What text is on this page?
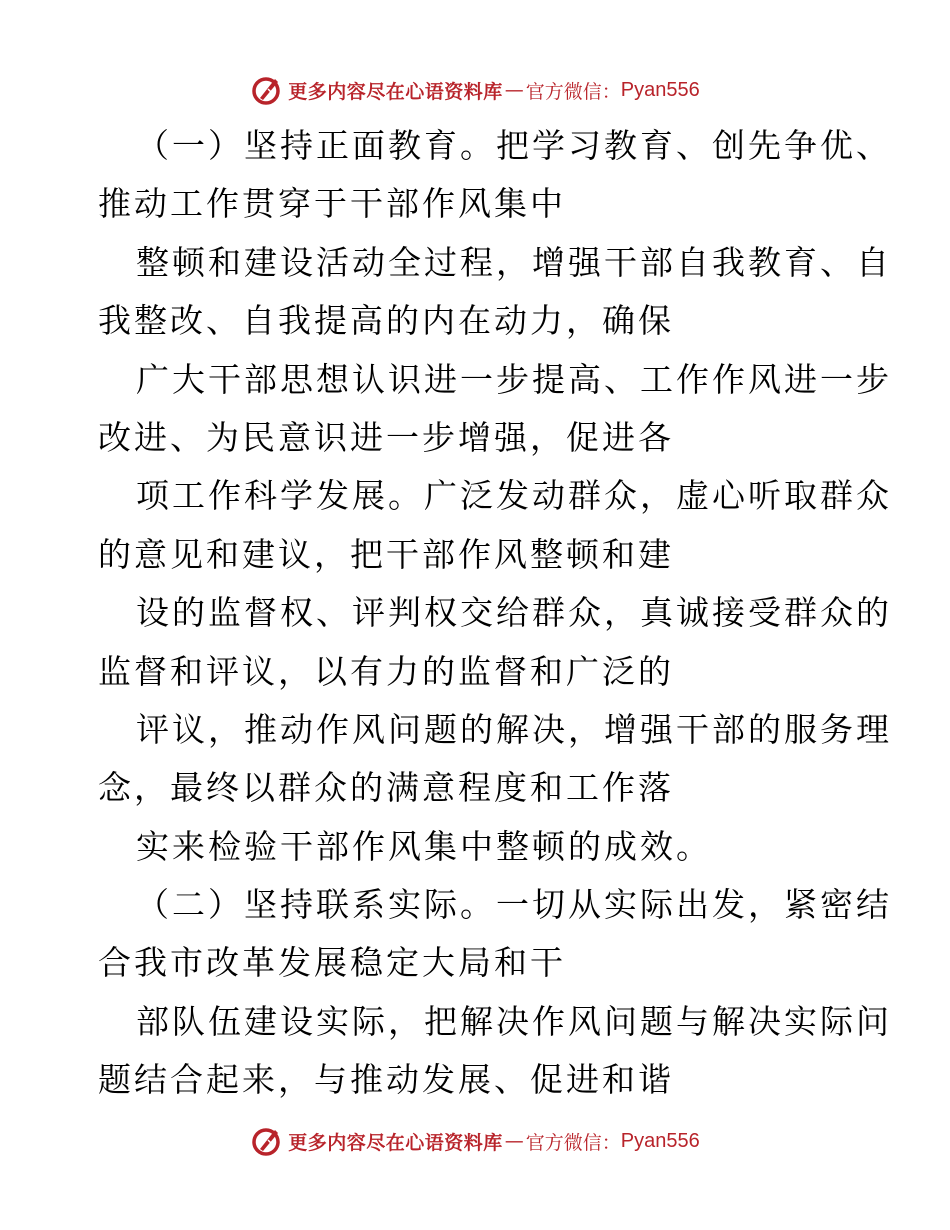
更多内容尽在心语资料库 — 官方微信： Pyan556
（一）坚持正面教育。把学习教育、创先争优、
推动工作贯穿于干部作风集中
整顿和建设活动全过程，增强干部自我教育、自
我整改、自我提高的内在动力，确保
广大干部思想认识进一步提高、工作作风进一步
改进、为民意识进一步增强，促进各
项工作科学发展。广泛发动群众，虚心听取群众
的意见和建议，把干部作风整顿和建
设的监督权、评判权交给群众，真诚接受群众的
监督和评议，以有力的监督和广泛的
评议，推动作风问题的解决，增强干部的服务理
念，最终以群众的满意程度和工作落
实来检验干部作风集中整顿的成效。
（二）坚持联系实际。一切从实际出发，紧密结
合我市改革发展稳定大局和干
部队伍建设实际，把解决作风问题与解决实际问
题结合起来，与推动发展、促进和谐
更多内容尽在心语资料库 — 官方微信： Pyan556
